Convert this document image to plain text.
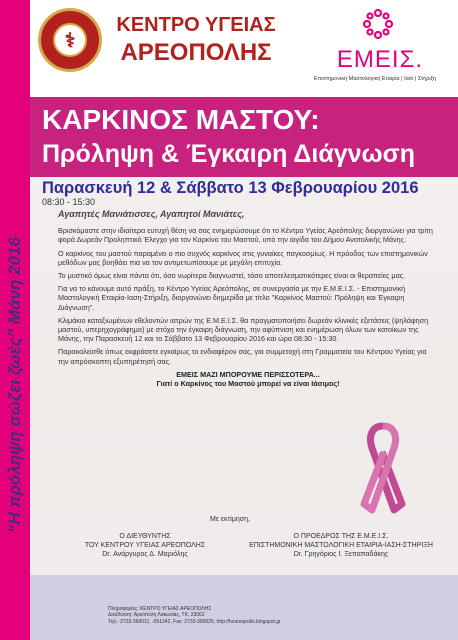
⚕
ΚΕΝΤΡΟ ΥΓΕΙΑΣ
ΑΡΕΟΠΟΛΗΣ	ΕΜΕΙΣ.
Επιστημονική Μαστολογική Εταιρία | Ιασι | Στήριξη
ΚΑΡΚΙΝΟΣ ΜΑΣΤΟΥ:
Πρόληψη & Έγκαιρη Διάγνωση
Παρασκευή 12 & Σάββατο 13 Φεβρουαρίου 2016
08:30 - 15:30

Αγαπητές Μανιάτισσες, Αγαπητοί Μανιάτες,

Βρισκόμαστε στην ιδιαίτερα ευτυχή θέση να σας ενημερώσουμε ότι το Κέντρο Υγείας Αρεόπολης διοργανώνει για τρίτη φορά Δωρεάν Προληπτικό Έλεγχο για τον Καρκίνο του Μαστού, υπό την αιγίδα του Δήμου Ανατολικής Μάνης.

Ο καρκίνος του μαστού παραμένει ο πιο συχνός καρκίνος στις γυναίκες παγκοσμίως. Η πρόοδος των επιστημονικών μεθόδων μας βοηθάει πια να τον αντιμετωπίσουμε με μεγάλη επιτυχία.

Το μυστικό όμως είναι πάντα ότι, όσο νωρίτερα διαγνωστεί, τόσο αποτελεσματικότερες είναι οι θεραπείες μας.

Για να το κάνουμε αυτό πράξη, το Κέντρο Υγείας Αρεόπολης, σε συνεργασία με την Ε.Μ.Ε.Ι.Σ. - Επιστημονική Μαστολογική Εταιρία-Ιαση-Στήριξη, διοργανώνει διημερίδα με τίτλο "Καρκίνος Μαστού: Πρόληψη και Έγκαιρη Διάγνωση".

Κλιμάκιο καταξιωμένων εθελοντών ιατρών της Ε.Μ.Ε.Ι.Σ. θα πραγματοποιήσει δωρεάν κλινικές εξετάσεις (ψηλάφηση μαστού, υπερηχογράφημα) με στόχο την έγκαιρη διάγνωση, την αφύπνιση και ενημέρωση όλων των κατοίκων της Μάνης, την Παρασκευή 12 και το Σάββατο 13 Φεβρουαρίου 2016 και ώρα 08:30 - 15:30.

Παρακαλείσθε όπως εκφράσετε εγκαίρως το ενδιαφέρον σας, για συμμετοχή στη Γραμματεία του Κέντρου Υγείας για την απρόσκοπτη εξυπηρέτησή σας.

ΕΜΕΙΣ ΜΑΖΙ ΜΠΟΡΟΥΜΕ ΠΕΡΙΣΣΟΤΕΡΑ...

Γιατί ο Καρκίνος του Μαστού μπορεί να είναι Ιάσιμος!

Με εκτίμηση,
Ο ΔΙΕΥΘΥΝΤΗΣ
ΤΟΥ ΚΕΝΤΡΟΥ ΥΓΕΙΑΣ ΑΡΕΟΠΟΛΗΣ
Dr. Ανάργυρος Δ. Μαριόλης
Ο ΠΡΟΕΔΡΟΣ ΤΗΣ Ε.Μ.Ε.Ι.Σ.
ΕΠΙΣΤΗΜΟΝΙΚΗ ΜΑΣΤΟΛΟΓΙΚΗ ΕΤΑΙΡΙΑ-ΙΑΣΗ-ΣΤΗΡΙΞΗ
Dr. Γρηγόριος Ι. Ξεπαπαδάκης
Πληροφορίες: ΚΕΝΤΡΟ ΥΓΕΙΑΣ ΑΡΕΟΠΟΛΗΣ
Διεύθυνση: Αρεόπολη Λακωνίας, ΤΚ: 23062
Τηλ.: 2733-360011, -051242, Fax: 2733-360025, http://hcareopolis.blogspot.gr
“Η πρόληψη σώζει ζωές” Μάνη 2016
